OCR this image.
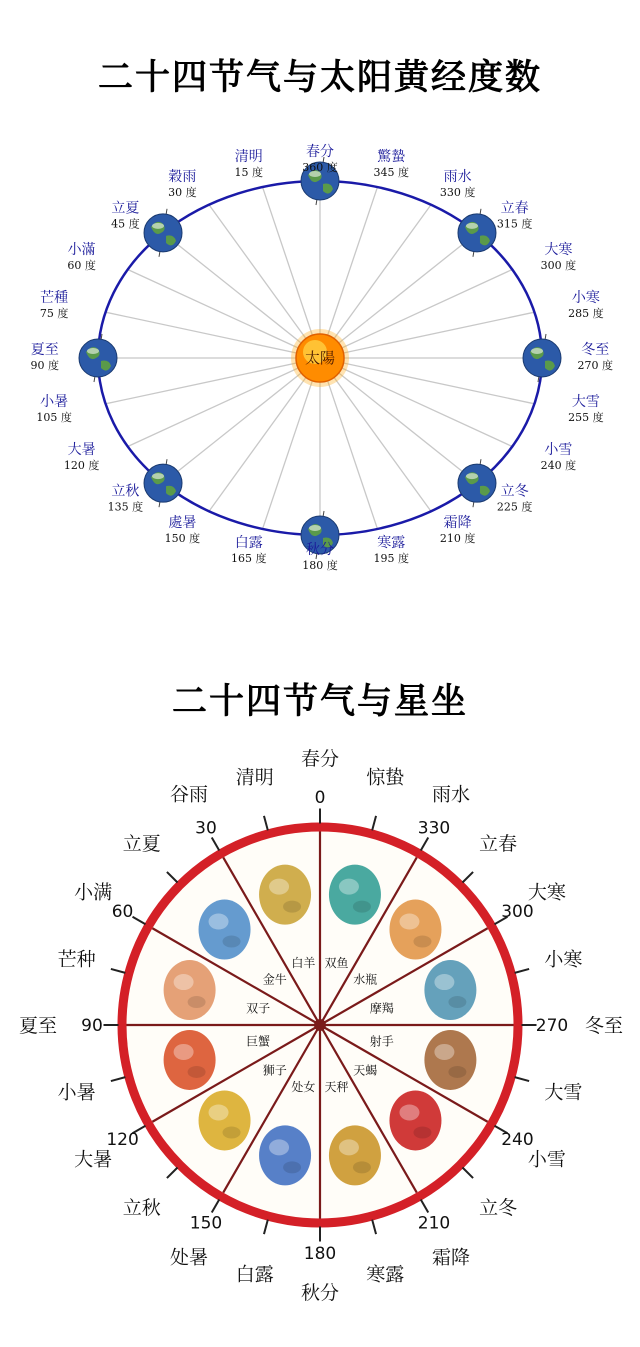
二十四节气与太阳黄经度数
太陽
春分
360 度
清明
15 度
穀雨
30 度
立夏
45 度
小滿
60 度
芒種
75 度
夏至
90 度
小暑
105 度
大暑
120 度
立秋
135 度
處暑
150 度 白露
165 度
秋分
180 度
寒露
195 度
霜降
210 度
立冬
225 度
小雪
240 度
大雪
255 度
冬至
270 度
小寒
285 度
大寒
300 度
立春
315 度
雨水
330 度
驚蟄
345 度
二十四节气与星坐
白羊
金牛
双子
巨蟹
狮子
处女 天秤
天蝎
射手
摩羯
水瓶
双鱼
春分
清明
谷雨
立夏
小满
芒种
夏至
小暑
大暑
立秋
处暑
白露
秋分
寒露
霜降
立冬
小雪
大雪
冬至
小寒
大寒
立春
雨水
惊蛰
0
30
60
90
120
150
180
210
240
270
300
330
